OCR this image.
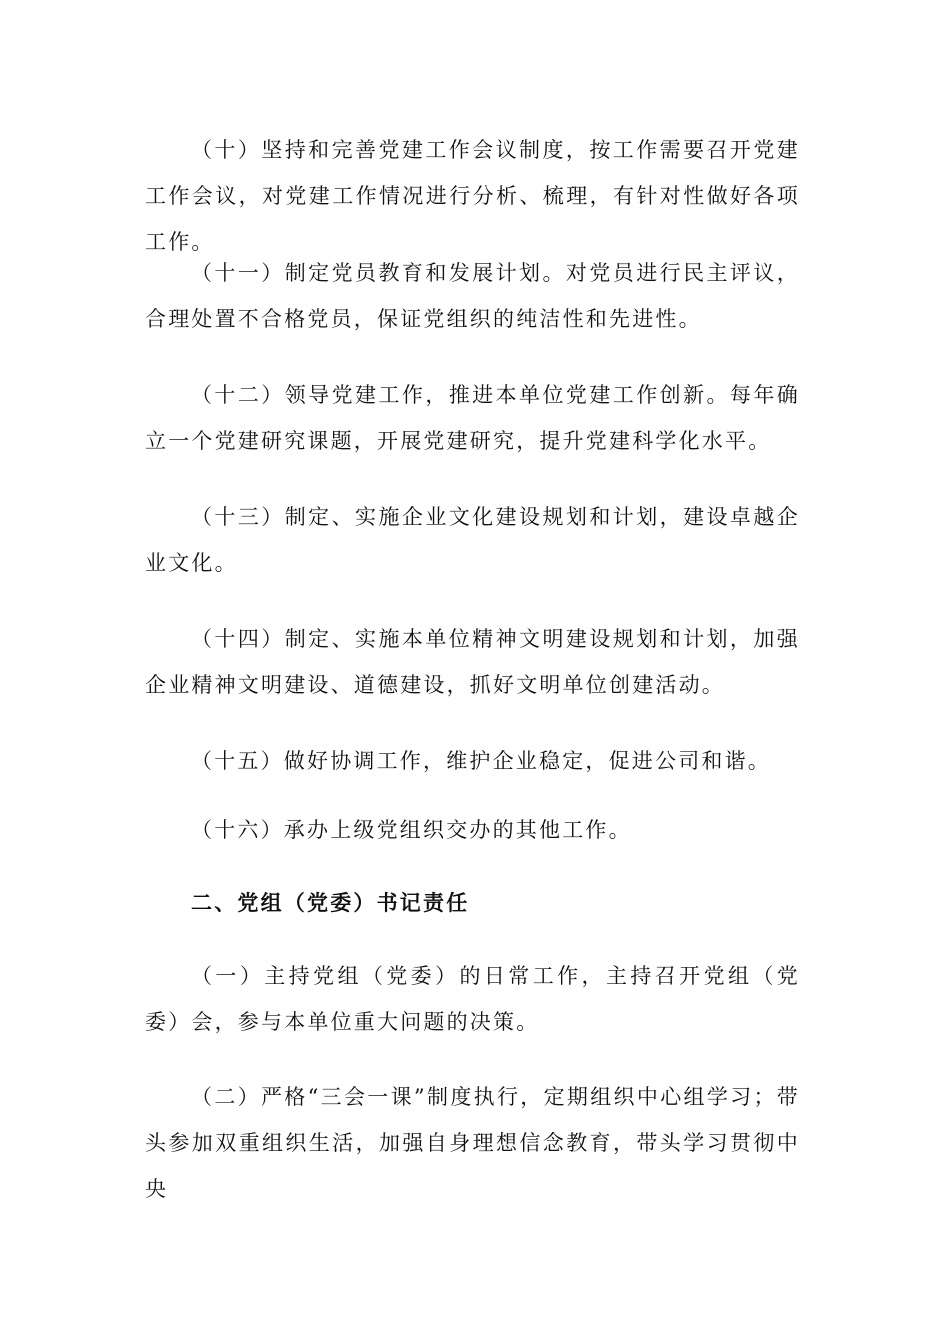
（十）坚持和完善党建工作会议制度，按工作需要召开党建工作会议，对党建工作情况进行分析、梳理，有针对性做好各项工作。

（十一）制定党员教育和发展计划。对党员进行民主评议，合理处置不合格党员，保证党组织的纯洁性和先进性。

（十二）领导党建工作，推进本单位党建工作创新。每年确立一个党建研究课题，开展党建研究，提升党建科学化水平。

（十三）制定、实施企业文化建设规划和计划，建设卓越企业文化。

（十四）制定、实施本单位精神文明建设规划和计划，加强企业精神文明建设、道德建设，抓好文明单位创建活动。

（十五）做好协调工作，维护企业稳定，促进公司和谐。

（十六）承办上级党组织交办的其他工作。

二、党组（党委）书记责任

（一）主持党组（党委）的日常工作，主持召开党组（党委）会，参与本单位重大问题的决策。

（二）严格“三会一课”制度执行，定期组织中心组学习；带头参加双重组织生活，加强自身理想信念教育，带头学习贯彻中央
